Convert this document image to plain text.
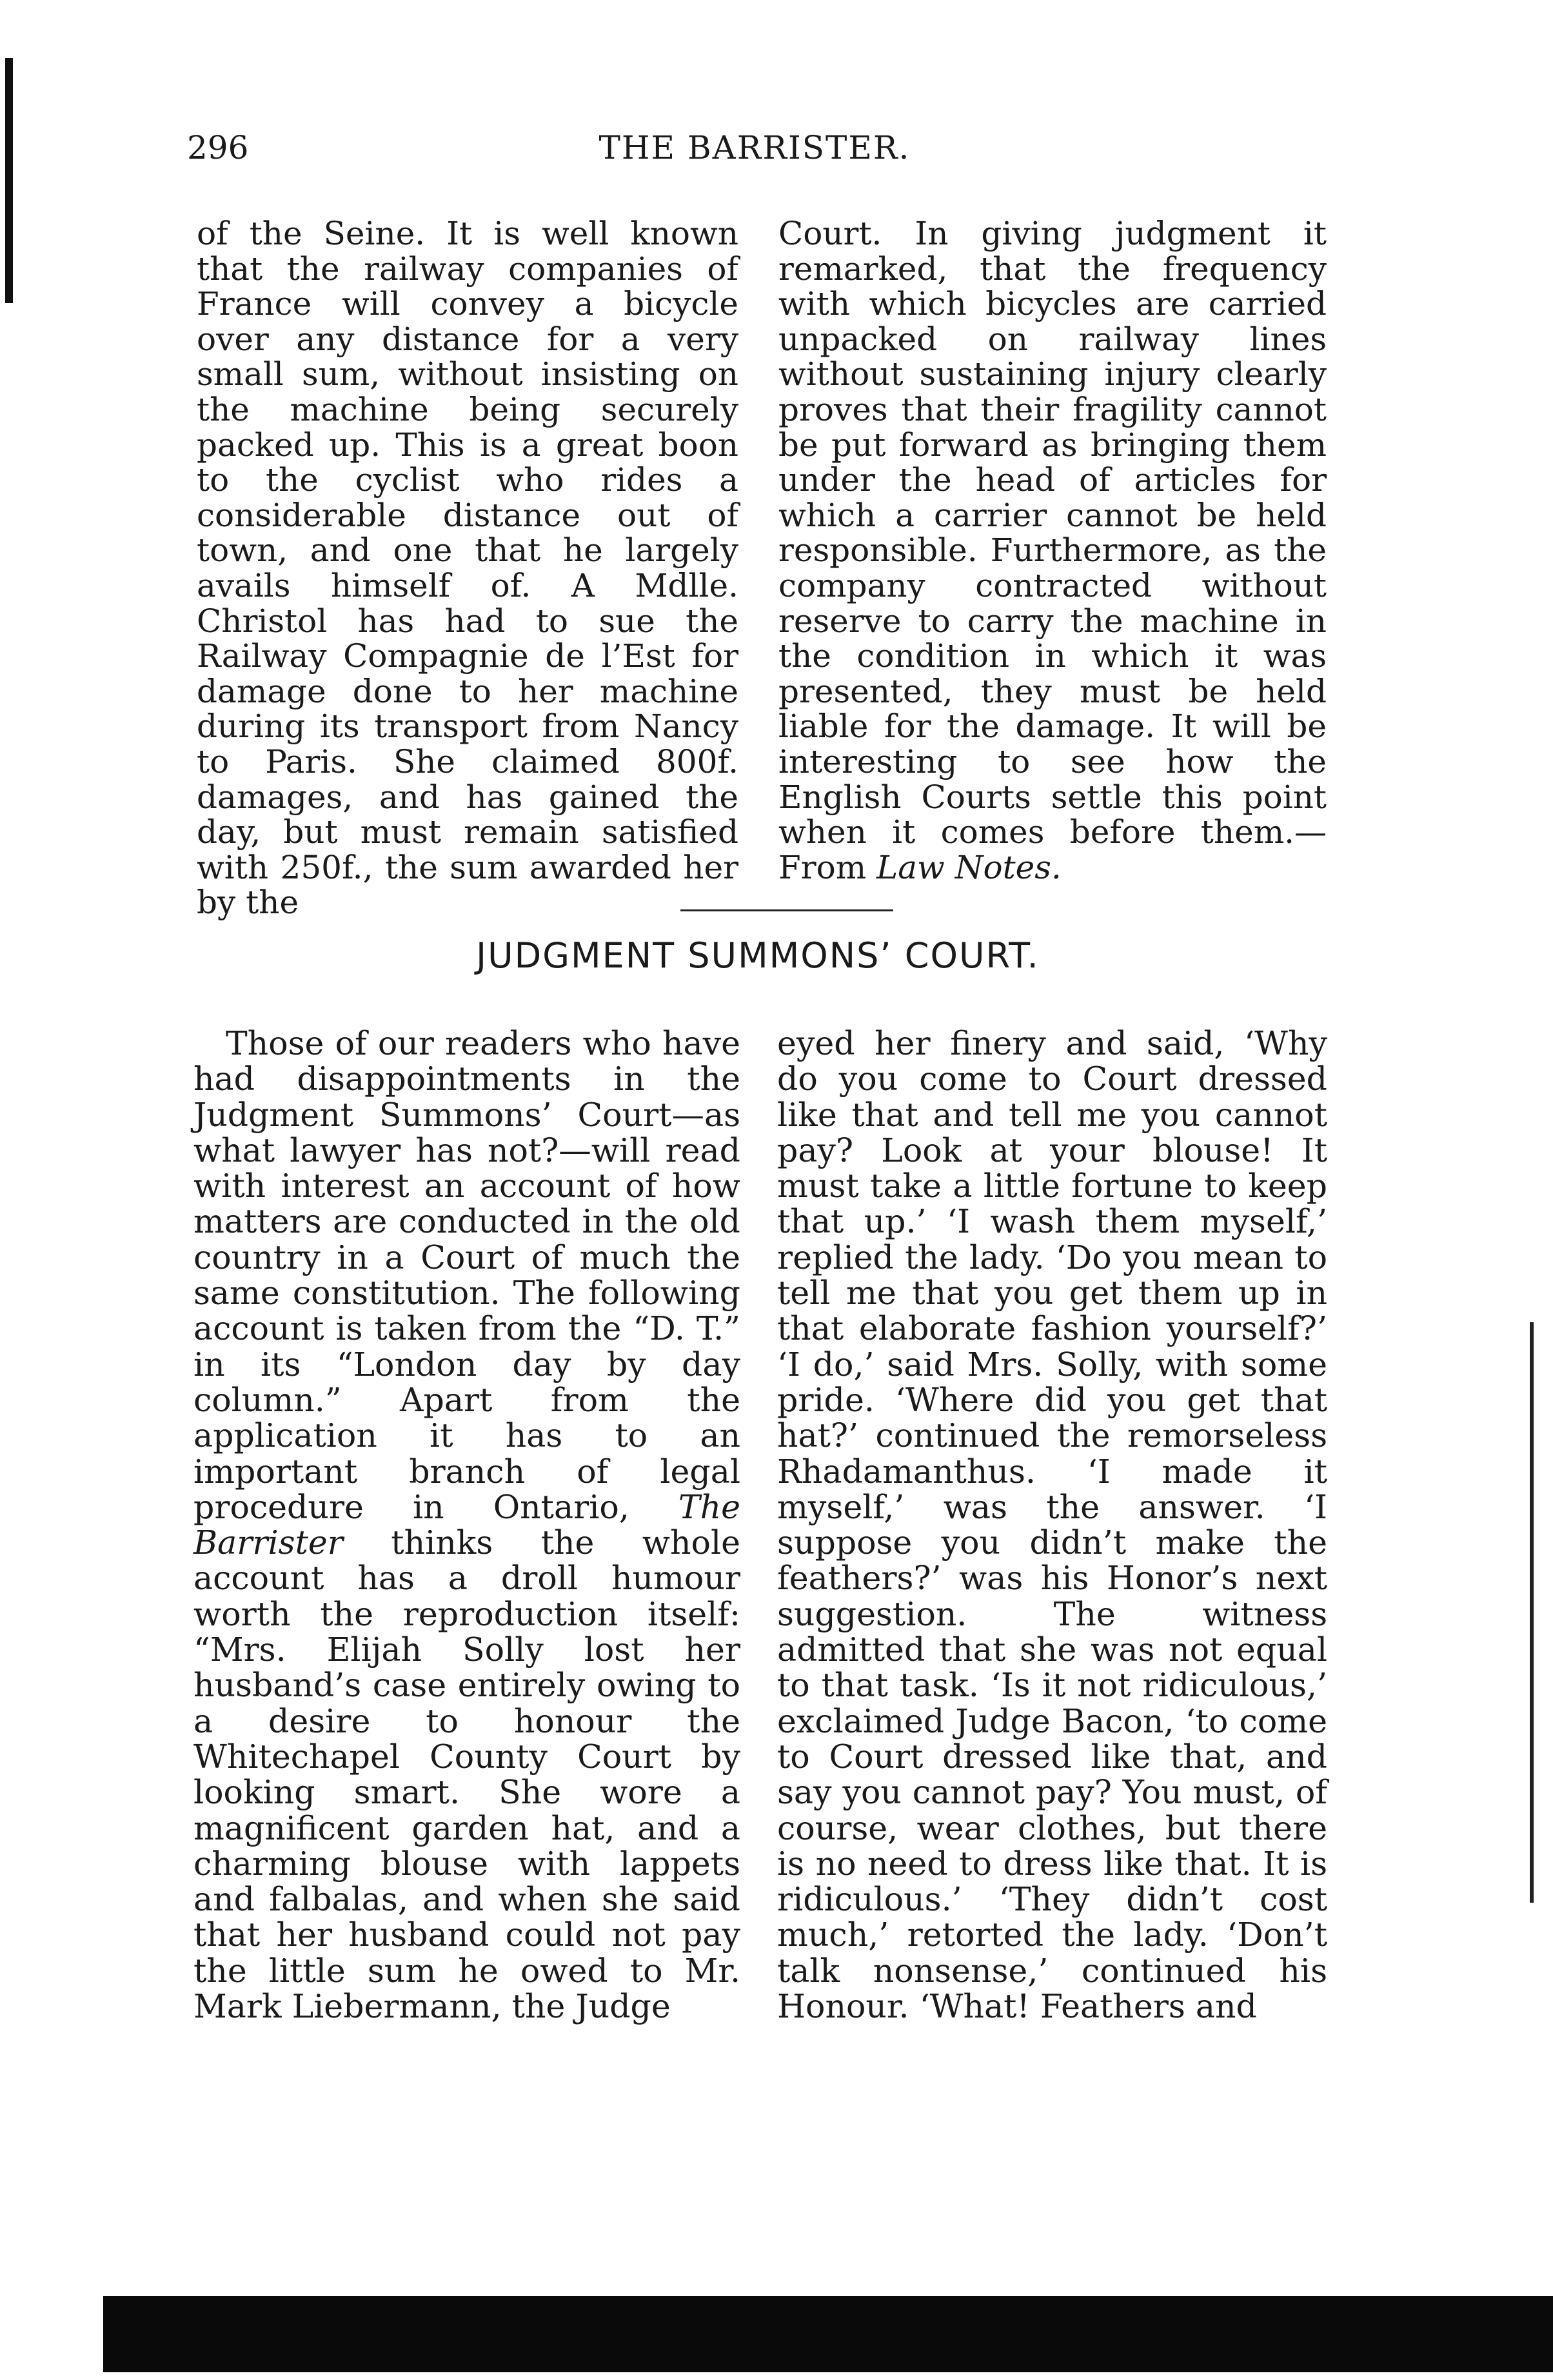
296	THE BARRISTER.

of the Seine. It is well known that the railway companies of France will convey a bicycle over any distance for a very small sum, without insisting on the machine being securely packed up. This is a great boon to the cyclist who rides a considerable distance out of town, and one that he largely avails himself of. A Mdlle. Christol has had to sue the Railway Compagnie de l’Est for damage done to her machine during its transport from Nancy to Paris. She claimed 800f. damages, and has gained the day, but must remain satisfied with 250f., the sum awarded her by the

Court. In giving judgment it remarked, that the frequency with which bicycles are carried unpacked on railway lines without sustaining injury clearly proves that their fragility cannot be put forward as bringing them under the head of articles for which a carrier cannot be held responsible. Furthermore, as the company contracted without reserve to carry the machine in the condition in which it was presented, they must be held liable for the damage. It will be interesting to see how the English Courts settle this point when it comes before them.—From Law Notes.

JUDGMENT SUMMONS’ COURT.

Those of our readers who have had disappointments in the Judgment Summons’ Court—as what lawyer has not?—will read with interest an account of how matters are conducted in the old country in a Court of much the same constitution. The following account is taken from the “D. T.” in its “London day by day column.” Apart from the application it has to an important branch of legal procedure in Ontario, The Barrister thinks the whole account has a droll humour worth the reproduction itself: “Mrs. Elijah Solly lost her husband’s case entirely owing to a desire to honour the Whitechapel County Court by looking smart. She wore a magnificent garden hat, and a charming blouse with lappets and falbalas, and when she said that her husband could not pay the little sum he owed to Mr. Mark Liebermann, the Judge

eyed her finery and said, ‘Why do you come to Court dressed like that and tell me you cannot pay? Look at your blouse! It must take a little fortune to keep that up.’ ‘I wash them myself,’ replied the lady. ‘Do you mean to tell me that you get them up in that elaborate fashion yourself?’ ‘I do,’ said Mrs. Solly, with some pride. ‘Where did you get that hat?’ continued the remorseless Rhadamanthus. ‘I made it myself,’ was the answer. ‘I suppose you didn’t make the feathers?’ was his Honor’s next suggestion. The witness admitted that she was not equal to that task. ‘Is it not ridiculous,’ exclaimed Judge Bacon, ‘to come to Court dressed like that, and say you cannot pay? You must, of course, wear clothes, but there is no need to dress like that. It is ridiculous.’ ‘They didn’t cost much,’ retorted the lady. ‘Don’t talk nonsense,’ continued his Honour. ‘What! Feathers and
